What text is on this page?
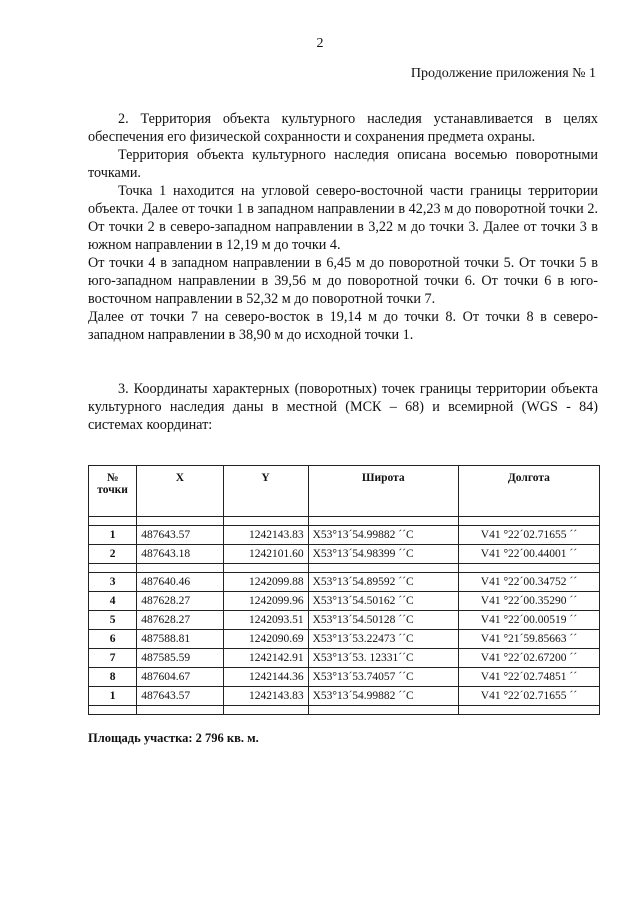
2
Продолжение приложения № 1

2. Территория объекта культурного наследия устанавливается в целях обеспечения его физической сохранности и сохранения предмета охраны.

Территория объекта культурного наследия описана восемью поворотными точками.

Точка 1 находится на угловой северо-восточной части границы территории объекта. Далее от точки 1 в западном направлении в 42,23 м до поворотной точки 2. От точки 2 в северо-западном направлении в 3,22 м до точки 3. Далее от точки 3 в южном направлении в 12,19 м до точки 4.

От точки 4 в западном направлении в 6,45 м до поворотной точки 5. От точки 5 в юго-западном направлении в 39,56 м до поворотной точки 6. От точки 6 в юго-восточном направлении в 52,32 м до поворотной точки 7.

Далее от точки 7 на северо-восток в 19,14 м до точки 8. От точки 8 в северо-западном направлении в 38,90 м до исходной точки 1.

3. Координаты характерных (поворотных) точек границы территории объекта культурного наследия даны в местной (МСК – 68) и всемирной (WGS - 84) системах координат:

№ точки	X	Y	Широта	Долгота

1	487643.57	1242143.83	X53°13´54.99882 ´´C	V41 °22´02.71655 ´´
2	487643.18	1242101.60	X53°13´54.98399 ´´C	V41 °22´00.44001 ´´

3	487640.46	1242099.88	X53°13´54.89592 ´´C	V41 °22´00.34752 ´´
4	487628.27	1242099.96	X53°13´54.50162 ´´C	V41 °22´00.35290 ´´
5	487628.27	1242093.51	X53°13´54.50128 ´´C	V41 °22´00.00519 ´´
6	487588.81	1242090.69	X53°13´53.22473 ´´C	V41 °21´59.85663 ´´
7	487585.59	1242142.91	X53°13´53. 12331´´C	V41 °22´02.67200 ´´
8	487604.67	1242144.36	X53°13´53.74057 ´´C	V41 °22´02.74851 ´´
1	487643.57	1242143.83	X53°13´54.99882 ´´C	V41 °22´02.71655 ´´

Площадь участка: 2 796 кв. м.
